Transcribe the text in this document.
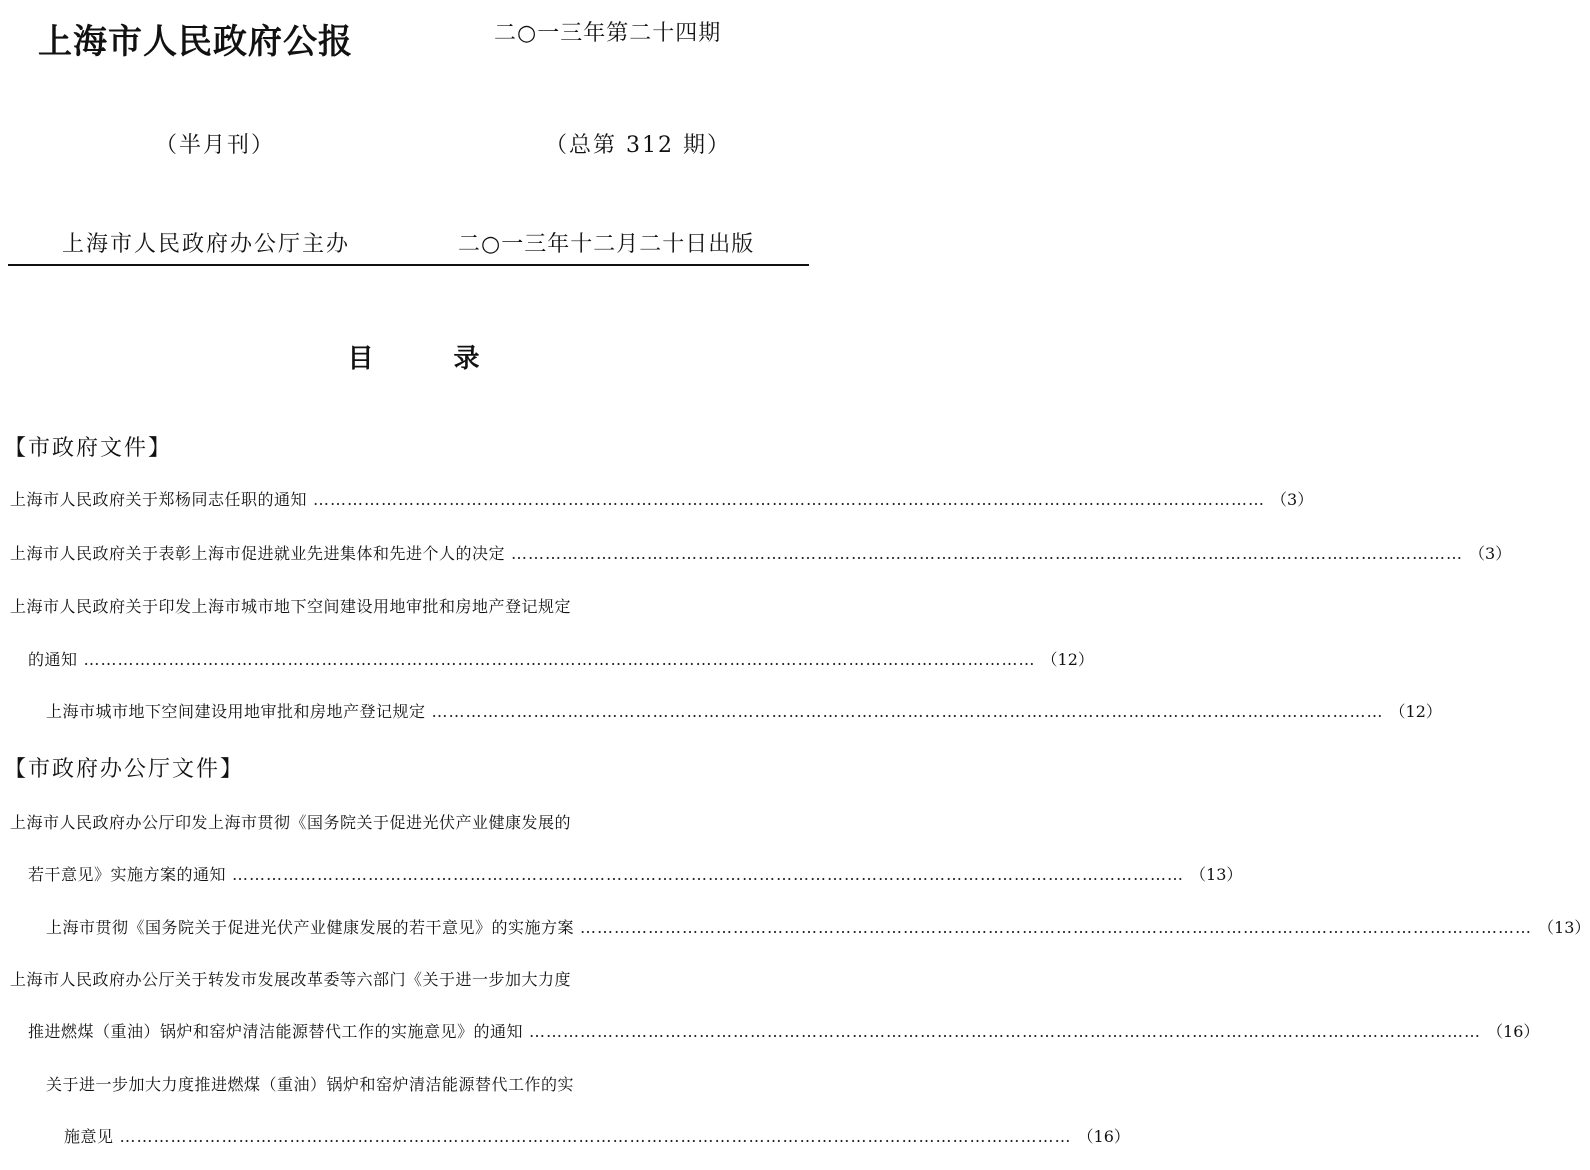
上海市人民政府公报	二○一三年第二十四期
（半月刊）	（总第 312 期）
上海市人民政府办公厅主办	二○一三年十二月二十日出版
目录
【市政府文件】
上海市人民政府关于郑杨同志任职的通知 …………………………………………………………………………………………………………………………………………………… （3）
上海市人民政府关于表彰上海市促进就业先进集体和先进个人的决定 …………………………………………………………………………………………………………………………………………………… （3）
上海市人民政府关于印发上海市城市地下空间建设用地审批和房地产登记规定
的通知 …………………………………………………………………………………………………………………………………………………… （12）
上海市城市地下空间建设用地审批和房地产登记规定 …………………………………………………………………………………………………………………………………………………… （12）
【市政府办公厅文件】
上海市人民政府办公厅印发上海市贯彻《国务院关于促进光伏产业健康发展的
若干意见》实施方案的通知 …………………………………………………………………………………………………………………………………………………… （13）
上海市贯彻《国务院关于促进光伏产业健康发展的若干意见》的实施方案 …………………………………………………………………………………………………………………………………………………… （13）
上海市人民政府办公厅关于转发市发展改革委等六部门《关于进一步加大力度
推进燃煤（重油）锅炉和窑炉清洁能源替代工作的实施意见》的通知 …………………………………………………………………………………………………………………………………………………… （16）
关于进一步加大力度推进燃煤（重油）锅炉和窑炉清洁能源替代工作的实
施意见 …………………………………………………………………………………………………………………………………………………… （16）
